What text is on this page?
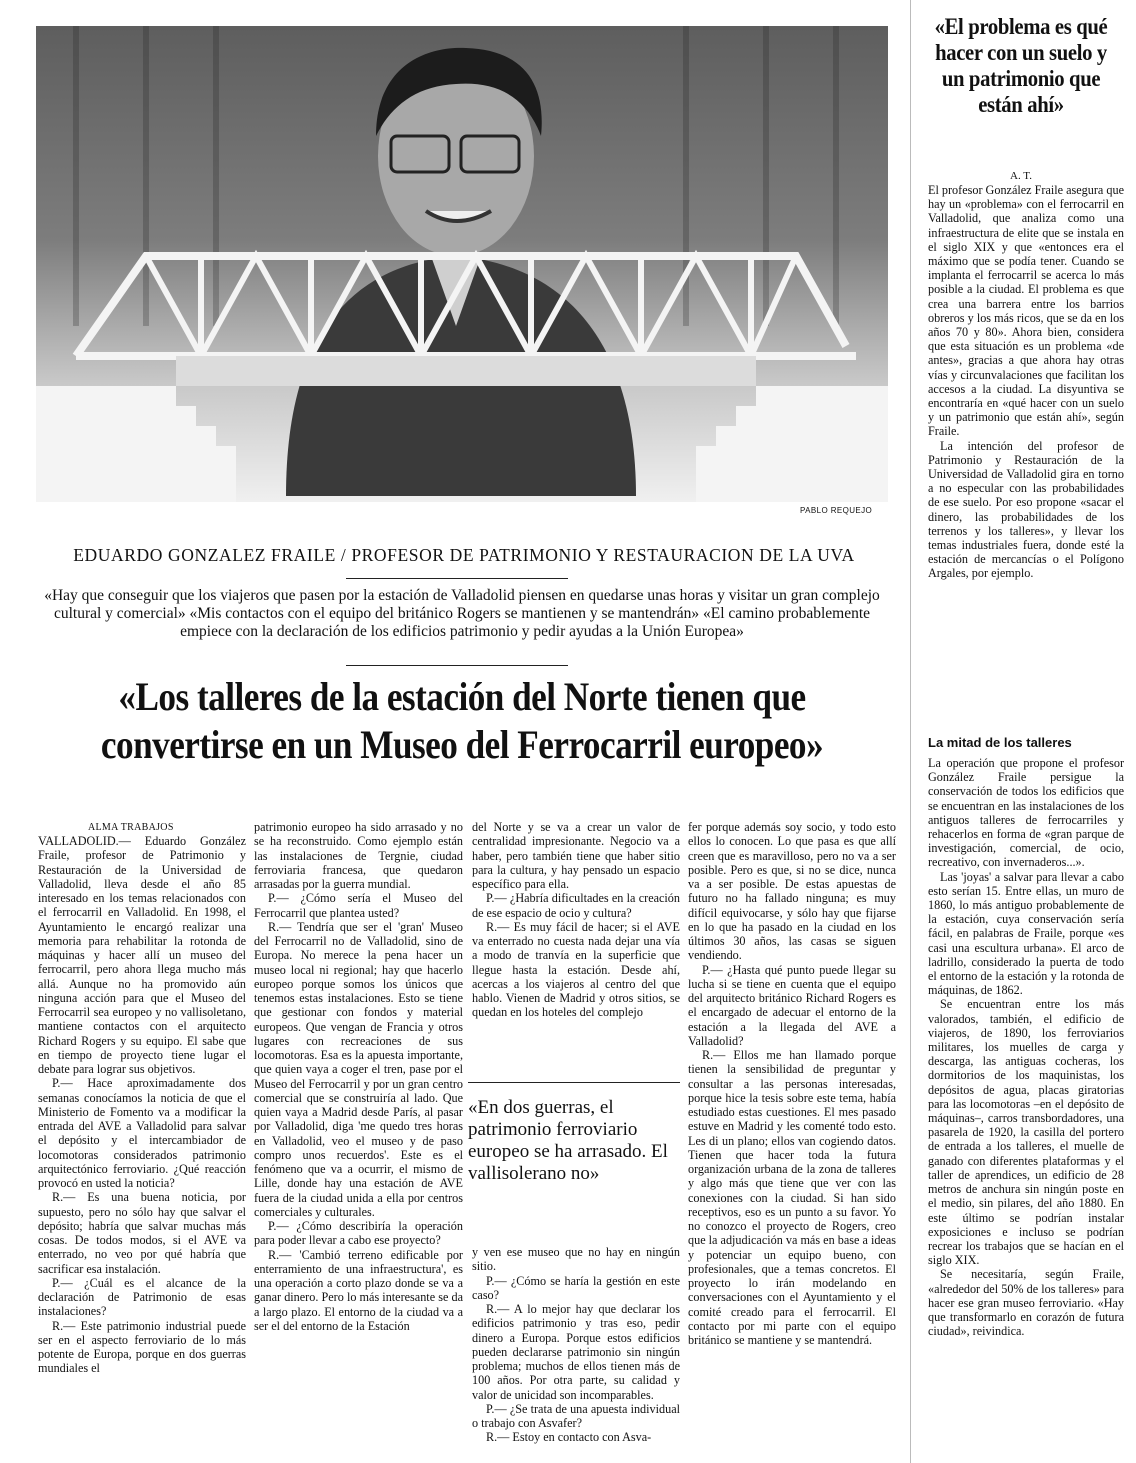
PABLO REQUEJO
EDUARDO GONZALEZ FRAILE / PROFESOR DE PATRIMONIO Y RESTAURACION DE LA UVA
«Hay que conseguir que los viajeros que pasen por la estación de Valladolid piensen en quedarse unas horas y visitar un gran complejo cultural y comercial» «Mis contactos con el equipo del británico Rogers se mantienen y se mantendrán» «El camino probablemente empiece con la declaración de los edificios patrimonio y pedir ayudas a la Unión Europea»
«Los talleres de la estación del Norte tienen que convertirse en un Museo del Ferrocarril europeo»
ALMA TRABAJOS

VALLADOLID.— Eduardo González Fraile, profesor de Patrimonio y Restauración de la Universidad de Valladolid, lleva desde el año 85 interesado en los temas relacionados con el ferrocarril en Valladolid. En 1998, el Ayuntamiento le encargó realizar una memoria para rehabilitar la rotonda de máquinas y hacer allí un museo del ferrocarril, pero ahora llega mucho más allá. Aunque no ha promovido aún ninguna acción para que el Museo del Ferrocarril sea europeo y no vallisoletano, mantiene contactos con el arquitecto Richard Rogers y su equipo. El sabe que en tiempo de proyecto tiene lugar el debate para lograr sus objetivos.

P.— Hace aproximadamente dos semanas conocíamos la noticia de que el Ministerio de Fomento va a modificar la entrada del AVE a Valladolid para salvar el depósito y el intercambiador de locomotoras considerados patrimonio arquitectónico ferroviario. ¿Qué reacción provocó en usted la noticia?

R.— Es una buena noticia, por supuesto, pero no sólo hay que salvar el depósito; habría que salvar muchas más cosas. De todos modos, si el AVE va enterrado, no veo por qué habría que sacrificar esa instalación.

P.— ¿Cuál es el alcance de la declaración de Patrimonio de esas instalaciones?

R.— Este patrimonio industrial puede ser en el aspecto ferroviario de lo más potente de Europa, porque en dos guerras mundiales el

patrimonio europeo ha sido arrasado y no se ha reconstruido. Como ejemplo están las instalaciones de Tergnie, ciudad ferroviaria francesa, que quedaron arrasadas por la guerra mundial.

P.— ¿Cómo sería el Museo del Ferrocarril que plantea usted?

R.— Tendría que ser el 'gran' Museo del Ferrocarril no de Valladolid, sino de Europa. No merece la pena hacer un museo local ni regional; hay que hacerlo europeo porque somos los únicos que tenemos estas instalaciones. Esto se tiene que gestionar con fondos y material europeos. Que vengan de Francia y otros lugares con recreaciones de sus locomotoras. Esa es la apuesta importante, que quien vaya a coger el tren, pase por el Museo del Ferrocarril y por un gran centro comercial que se construiría al lado. Que quien vaya a Madrid desde París, al pasar por Valladolid, diga 'me quedo tres horas en Valladolid, veo el museo y de paso compro unos recuerdos'. Este es el fenómeno que va a ocurrir, el mismo de Lille, donde hay una estación de AVE fuera de la ciudad unida a ella por centros comerciales y culturales.

P.— ¿Cómo describiría la operación para poder llevar a cabo ese proyecto?

R.— 'Cambió terreno edificable por enterramiento de una infraestructura', es una operación a corto plazo donde se va a ganar dinero. Pero lo más interesante se da a largo plazo. El entorno de la ciudad va a ser el del entorno de la Estación

del Norte y se va a crear un valor de centralidad impresionante. Negocio va a haber, pero también tiene que haber sitio para la cultura, y hay pensado un espacio específico para ella.

P.— ¿Habría dificultades en la creación de ese espacio de ocio y cultura?

R.— Es muy fácil de hacer; si el AVE va enterrado no cuesta nada dejar una vía a modo de tranvía en la superficie que llegue hasta la estación. Desde ahí, acercas a los viajeros al centro del que hablo. Vienen de Madrid y otros sitios, se quedan en los hoteles del complejo

«En dos guerras, el patrimonio ferroviario europeo se ha arrasado. El vallisolerano no»

y ven ese museo que no hay en ningún sitio.

P.— ¿Cómo se haría la gestión en este caso?

R.— A lo mejor hay que declarar los edificios patrimonio y tras eso, pedir dinero a Europa. Porque estos edificios pueden declararse patrimonio sin ningún problema; muchos de ellos tienen más de 100 años. Por otra parte, su calidad y valor de unicidad son incomparables.

P.— ¿Se trata de una apuesta individual o trabajo con Asvafer?

R.— Estoy en contacto con Asva-

fer porque además soy socio, y todo esto ellos lo conocen. Lo que pasa es que allí creen que es maravilloso, pero no va a ser posible. Pero es que, si no se dice, nunca va a ser posible. De estas apuestas de futuro no ha fallado ninguna; es muy difícil equivocarse, y sólo hay que fijarse en lo que ha pasado en la ciudad en los últimos 30 años, las casas se siguen vendiendo.

P.— ¿Hasta qué punto puede llegar su lucha si se tiene en cuenta que el equipo del arquitecto británico Richard Rogers es el encargado de adecuar el entorno de la estación a la llegada del AVE a Valladolid?

R.— Ellos me han llamado porque tienen la sensibilidad de preguntar y consultar a las personas interesadas, porque hice la tesis sobre este tema, había estudiado estas cuestiones. El mes pasado estuve en Madrid y les comenté todo esto. Les di un plano; ellos van cogiendo datos. Tienen que hacer toda la futura organización urbana de la zona de talleres y algo más que tiene que ver con las conexiones con la ciudad. Si han sido receptivos, eso es un punto a su favor. Yo no conozco el proyecto de Rogers, creo que la adjudicación va más en base a ideas y potenciar un equipo bueno, con profesionales, que a temas concretos. El proyecto lo irán modelando en conversaciones con el Ayuntamiento y el comité creado para el ferrocarril. El contacto por mi parte con el equipo británico se mantiene y se mantendrá.

«El problema es qué hacer con un suelo y un patrimonio que están ahí»
A. T.

El profesor González Fraile asegura que hay un «problema» con el ferrocarril en Valladolid, que analiza como una infraestructura de elite que se instala en el siglo XIX y que «entonces era el máximo que se podía tener. Cuando se implanta el ferrocarril se acerca lo más posible a la ciudad. El problema es que crea una barrera entre los barrios obreros y los más ricos, que se da en los años 70 y 80». Ahora bien, considera que esta situación es un problema «de antes», gracias a que ahora hay otras vías y circunvalaciones que facilitan los accesos a la ciudad. La disyuntiva se encontraría en «qué hacer con un suelo y un patrimonio que están ahí», según Fraile.

La intención del profesor de Patrimonio y Restauración de la Universidad de Valladolid gira en torno a no especular con las probabilidades de ese suelo. Por eso propone «sacar el dinero, las probabilidades de los terrenos y los talleres», y llevar los temas industriales fuera, donde esté la estación de mercancías o el Polígono Argales, por ejemplo.

La mitad de los talleres

La operación que propone el profesor González Fraile persigue la conservación de todos los edificios que se encuentran en las instalaciones de los antiguos talleres de ferrocarriles y rehacerlos en forma de «gran parque de investigación, comercial, de ocio, recreativo, con invernaderos...».

Las 'joyas' a salvar para llevar a cabo esto serían 15. Entre ellas, un muro de 1860, lo más antiguo probablemente de la estación, cuya conservación sería fácil, en palabras de Fraile, porque «es casi una escultura urbana». El arco de ladrillo, considerado la puerta de todo el entorno de la estación y la rotonda de máquinas, de 1862.

Se encuentran entre los más valorados, también, el edificio de viajeros, de 1890, los ferroviarios militares, los muelles de carga y descarga, las antiguas cocheras, los dormitorios de los maquinistas, los depósitos de agua, placas giratorias para las locomotoras –en el depósito de máquinas–, carros transbordadores, una pasarela de 1920, la casilla del portero de entrada a los talleres, el muelle de ganado con diferentes plataformas y el taller de aprendices, un edificio de 28 metros de anchura sin ningún poste en el medio, sin pilares, del año 1880. En este último se podrían instalar exposiciones e incluso se podrían recrear los trabajos que se hacían en el siglo XIX.

Se necesitaría, según Fraile, «alrededor del 50% de los talleres» para hacer ese gran museo ferroviario. «Hay que transformarlo en corazón de futura ciudad», reivindica.
